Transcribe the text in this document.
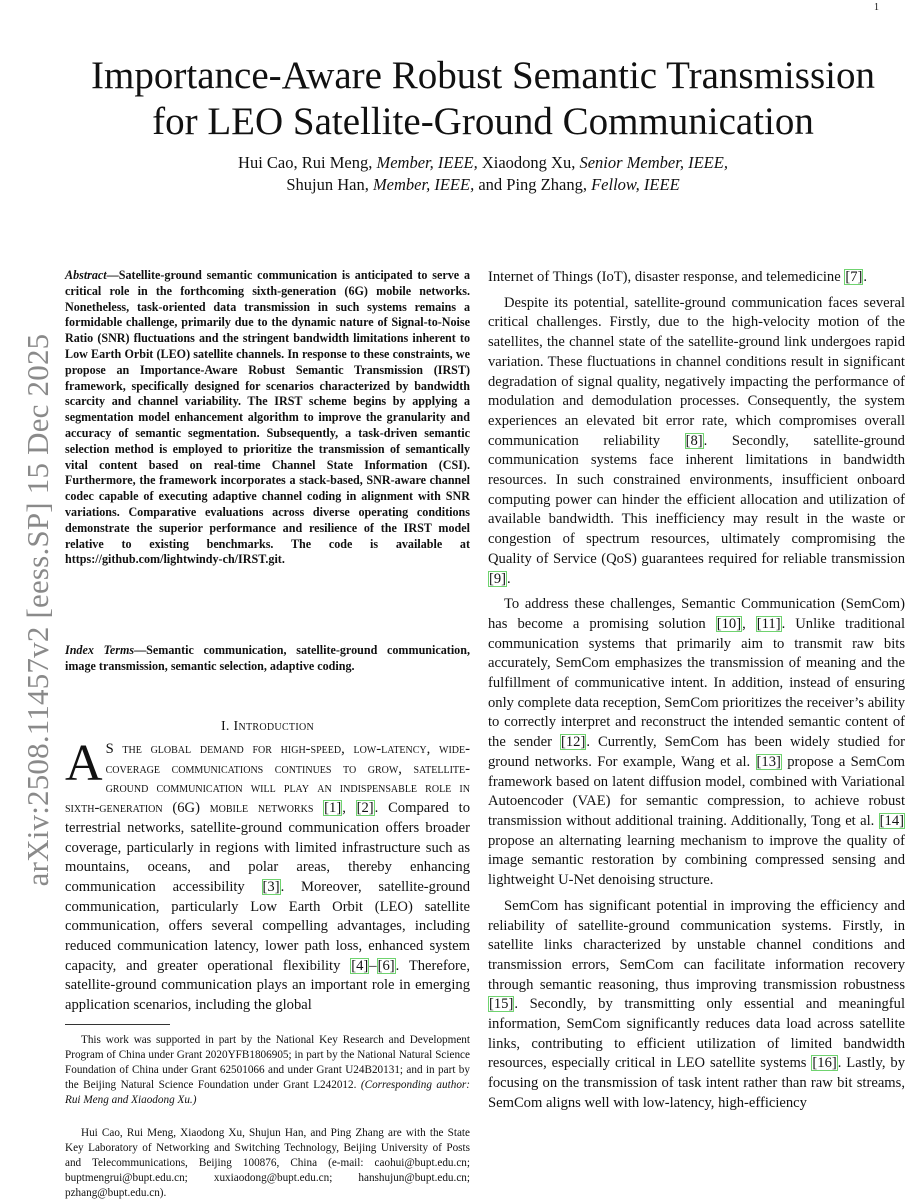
1
arXiv:2508.11457v2 [eess.SP] 15 Dec 2025
Importance-Aware Robust Semantic Transmission
for LEO Satellite-Ground Communication
Hui Cao, Rui Meng, Member, IEEE, Xiaodong Xu, Senior Member, IEEE,
Shujun Han, Member, IEEE, and Ping Zhang, Fellow, IEEE
Abstract—Satellite-ground semantic communication is anticipated to serve a critical role in the forthcoming sixth-generation (6G) mobile networks. Nonetheless, task-oriented data transmission in such systems remains a formidable challenge, primarily due to the dynamic nature of Signal-to-Noise Ratio (SNR) fluctuations and the stringent bandwidth limitations inherent to Low Earth Orbit (LEO) satellite channels. In response to these constraints, we propose an Importance-Aware Robust Semantic Transmission (IRST) framework, specifically designed for scenarios characterized by bandwidth scarcity and channel variability. The IRST scheme begins by applying a segmentation model enhancement algorithm to improve the granularity and accuracy of semantic segmentation. Subsequently, a task-driven semantic selection method is employed to prioritize the transmission of semantically vital content based on real-time Channel State Information (CSI). Furthermore, the framework incorporates a stack-based, SNR-aware channel codec capable of executing adaptive channel coding in alignment with SNR variations. Comparative evaluations across diverse operating conditions demonstrate the superior performance and resilience of the IRST model relative to existing benchmarks. The code is available at https://github.com/lightwindy-ch/IRST.git.
Index Terms—Semantic communication, satellite-ground communication, image transmission, semantic selection, adaptive coding.
I. Introduction
A S the global demand for high-speed, low-latency, wide-coverage communications continues to grow, satellite-ground communication will play an indispensable role in sixth-generation (6G) mobile networks [1], [2]. Compared to terrestrial networks, satellite-ground communication offers broader coverage, particularly in regions with limited infrastructure such as mountains, oceans, and polar areas, thereby enhancing communication accessibility [3]. Moreover, satellite-ground communication, particularly Low Earth Orbit (LEO) satellite communication, offers several compelling advantages, including reduced communication latency, lower path loss, enhanced system capacity, and greater operational flexibility [4]–[6]. Therefore, satellite-ground communication plays an important role in emerging application scenarios, including the global
This work was supported in part by the National Key Research and Development Program of China under Grant 2020YFB1806905; in part by the National Natural Science Foundation of China under Grant 62501066 and under Grant U24B20131; and in part by the Beijing Natural Science Foundation under Grant L242012. (Corresponding author: Rui Meng and Xiaodong Xu.)
Hui Cao, Rui Meng, Xiaodong Xu, Shujun Han, and Ping Zhang are with the State Key Laboratory of Networking and Switching Technology, Beijing University of Posts and Telecommunications, Beijing 100876, China (e-mail: caohui@bupt.edu.cn; buptmengrui@bupt.edu.cn; xuxiaodong@bupt.edu.cn; hanshujun@bupt.edu.cn; pzhang@bupt.edu.cn).

Internet of Things (IoT), disaster response, and telemedicine [7].

Despite its potential, satellite-ground communication faces several critical challenges. Firstly, due to the high-velocity motion of the satellites, the channel state of the satellite-ground link undergoes rapid variation. These fluctuations in channel conditions result in significant degradation of signal quality, negatively impacting the performance of modulation and demodulation processes. Consequently, the system experiences an elevated bit error rate, which compromises overall communication reliability [8]. Secondly, satellite-ground communication systems face inherent limitations in bandwidth resources. In such constrained environments, insufficient onboard computing power can hinder the efficient allocation and utilization of available bandwidth. This inefficiency may result in the waste or congestion of spectrum resources, ultimately compromising the Quality of Service (QoS) guarantees required for reliable transmission [9].

To address these challenges, Semantic Communication (SemCom) has become a promising solution [10], [11]. Unlike traditional communication systems that primarily aim to transmit raw bits accurately, SemCom emphasizes the transmission of meaning and the fulfillment of communicative intent. In addition, instead of ensuring only complete data reception, SemCom prioritizes the receiver’s ability to correctly interpret and reconstruct the intended semantic content of the sender [12]. Currently, SemCom has been widely studied for ground networks. For example, Wang et al. [13] propose a SemCom framework based on latent diffusion model, combined with Variational Autoencoder (VAE) for semantic compression, to achieve robust transmission without additional training. Additionally, Tong et al. [14] propose an alternating learning mechanism to improve the quality of image semantic restoration by combining compressed sensing and lightweight U-Net denoising structure.

SemCom has significant potential in improving the efficiency and reliability of satellite-ground communication systems. Firstly, in satellite links characterized by unstable channel conditions and transmission errors, SemCom can facilitate information recovery through semantic reasoning, thus improving transmission robustness [15]. Secondly, by transmitting only essential and meaningful information, SemCom significantly reduces data load across satellite links, contributing to efficient utilization of limited bandwidth resources, especially critical in LEO satellite systems [16]. Lastly, by focusing on the transmission of task intent rather than raw bit streams, SemCom aligns well with low-latency, high-efficiency
